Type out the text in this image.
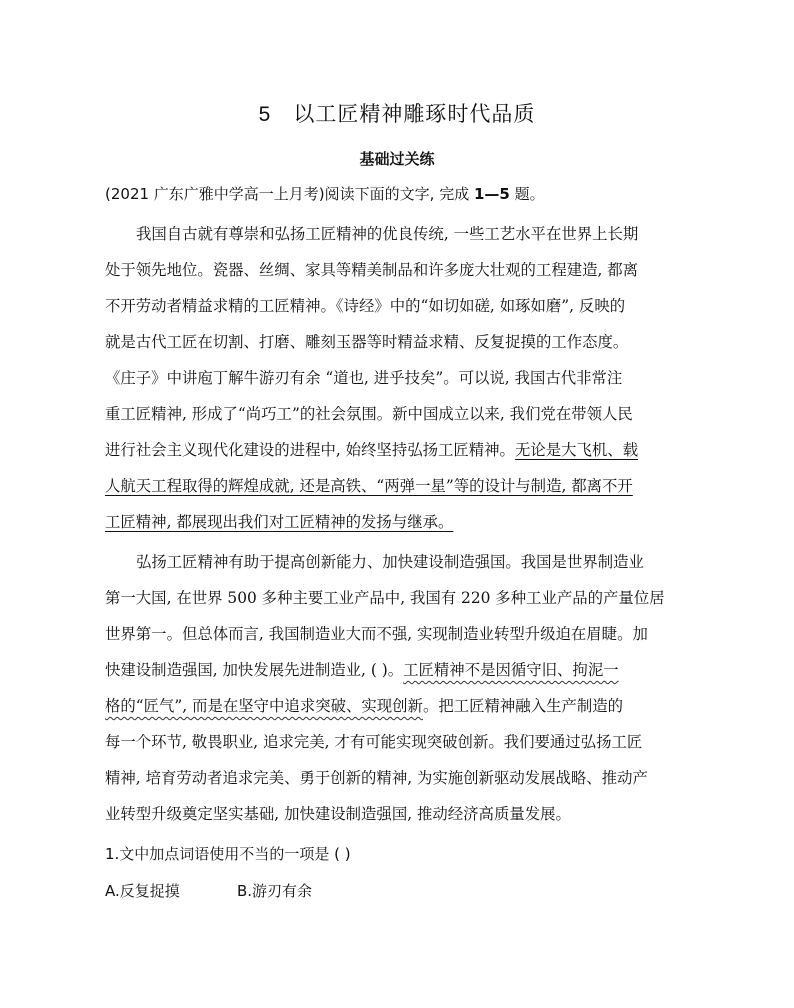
5 以工匠精神雕琢时代品质
基础过关练
(2021 广东广雅中学高一上月考)阅读下面的文字, 完成 1—5 题。
我国自古就有尊崇和弘扬工匠精神的优良传统, 一些工艺水平在世界上长期
处于领先地位。瓷器、丝绸、家具等精美制品和许多庞大壮观的工程建造, 都离
不开劳动者精益求精的工匠精神。《诗经》中的“如切如磋, 如琢如磨”, 反映的
就是古代工匠在切割、打磨、雕刻玉器等时精益求精、反复捉摸的工作态度。
《庄子》中讲庖丁解牛游刃有余 “道也, 进乎技矣”。可以说, 我国古代非常注
重工匠精神, 形成了“尚巧工”的社会氛围。新中国成立以来, 我们党在带领人民
进行社会主义现代化建设的进程中, 始终坚持弘扬工匠精神。无论是大飞机、载
人航天工程取得的辉煌成就, 还是高铁、“两弹一星”等的设计与制造, 都离不开
工匠精神, 都展现出我们对工匠精神的发扬与继承。
弘扬工匠精神有助于提高创新能力、加快建设制造强国。我国是世界制造业
第一大国, 在世界 500 多种主要工业产品中, 我国有 220 多种工业产品的产量位居
世界第一。但总体而言, 我国制造业大而不强, 实现制造业转型升级迫在眉睫。加
快建设制造强国, 加快发展先进制造业, ( )。工匠精神不是因循守旧、拘泥一
格的“匠气”, 而是在坚守中追求突破、实现创新。把工匠精神融入生产制造的
每一个环节, 敬畏职业, 追求完美, 才有可能实现突破创新。我们要通过弘扬工匠
精神, 培育劳动者追求完美、勇于创新的精神, 为实施创新驱动发展战略、推动产
业转型升级奠定坚实基础, 加快建设制造强国, 推动经济高质量发展。
1.文中加点词语使用不当的一项是 ( )
A.反复捉摸	B.游刃有余
